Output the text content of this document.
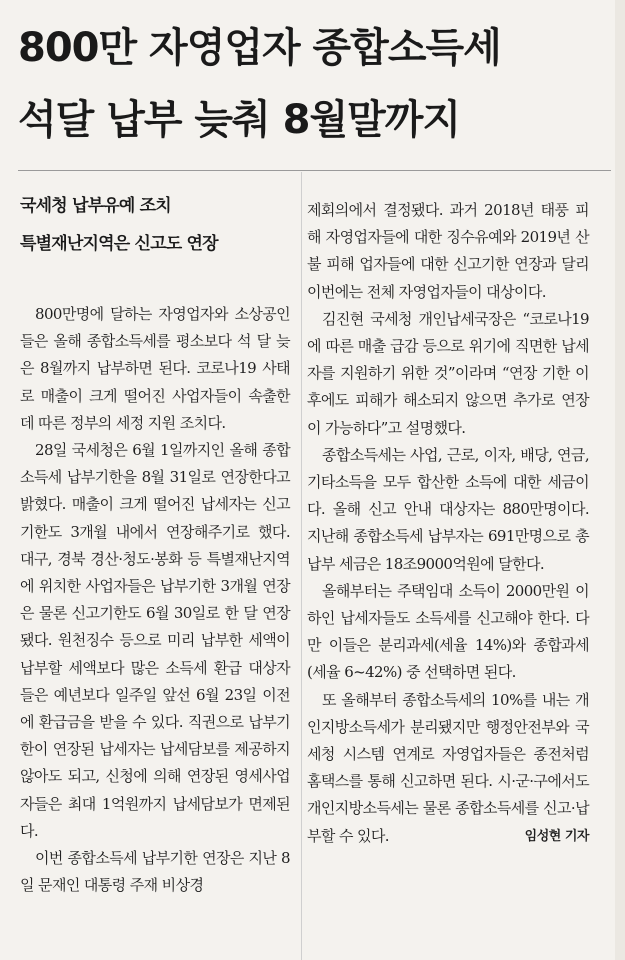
800만 자영업자 종합소득세
석달 납부 늦춰 8월말까지
국세청 납부유예 조치
특별재난지역은 신고도 연장

800만명에 달하는 자영업자와 소상공인들은 올해 종합소득세를 평소보다 석 달 늦은 8월까지 납부하면 된다. 코로나19 사태로 매출이 크게 떨어진 사업자들이 속출한 데 따른 정부의 세정 지원 조치다.

28일 국세청은 6월 1일까지인 올해 종합소득세 납부기한을 8월 31일로 연장한다고 밝혔다. 매출이 크게 떨어진 납세자는 신고기한도 3개월 내에서 연장해주기로 했다. 대구, 경북 경산·청도·봉화 등 특별재난지역에 위치한 사업자들은 납부기한 3개월 연장은 물론 신고기한도 6월 30일로 한 달 연장됐다. 원천징수 등으로 미리 납부한 세액이 납부할 세액보다 많은 소득세 환급 대상자들은 예년보다 일주일 앞선 6월 23일 이전에 환급금을 받을 수 있다. 직권으로 납부기한이 연장된 납세자는 납세담보를 제공하지 않아도 되고, 신청에 의해 연장된 영세사업자들은 최대 1억원까지 납세담보가 면제된다.

이번 종합소득세 납부기한 연장은 지난 8일 문재인 대통령 주재 비상경

제회의에서 결정됐다. 과거 2018년 태풍 피해 자영업자들에 대한 징수유예와 2019년 산불 피해 업자들에 대한 신고기한 연장과 달리 이번에는 전체 자영업자들이 대상이다.

김진현 국세청 개인납세국장은 “코로나19에 따른 매출 급감 등으로 위기에 직면한 납세자를 지원하기 위한 것”이라며 “연장 기한 이후에도 피해가 해소되지 않으면 추가로 연장이 가능하다”고 설명했다.

종합소득세는 사업, 근로, 이자, 배당, 연금, 기타소득을 모두 합산한 소득에 대한 세금이다. 올해 신고 안내 대상자는 880만명이다. 지난해 종합소득세 납부자는 691만명으로 총 납부 세금은 18조9000억원에 달한다.

올해부터는 주택임대 소득이 2000만원 이하인 납세자들도 소득세를 신고해야 한다. 다만 이들은 분리과세(세율 14%)와 종합과세(세율 6~42%) 중 선택하면 된다.

또 올해부터 종합소득세의 10%를 내는 개인지방소득세가 분리됐지만 행정안전부와 국세청 시스템 연계로 자영업자들은 종전처럼 홈택스를 통해 신고하면 된다. 시·군·구에서도 개인지방소득세는 물론 종합소득세를 신고·납부할 수 있다.	임성현 기자
